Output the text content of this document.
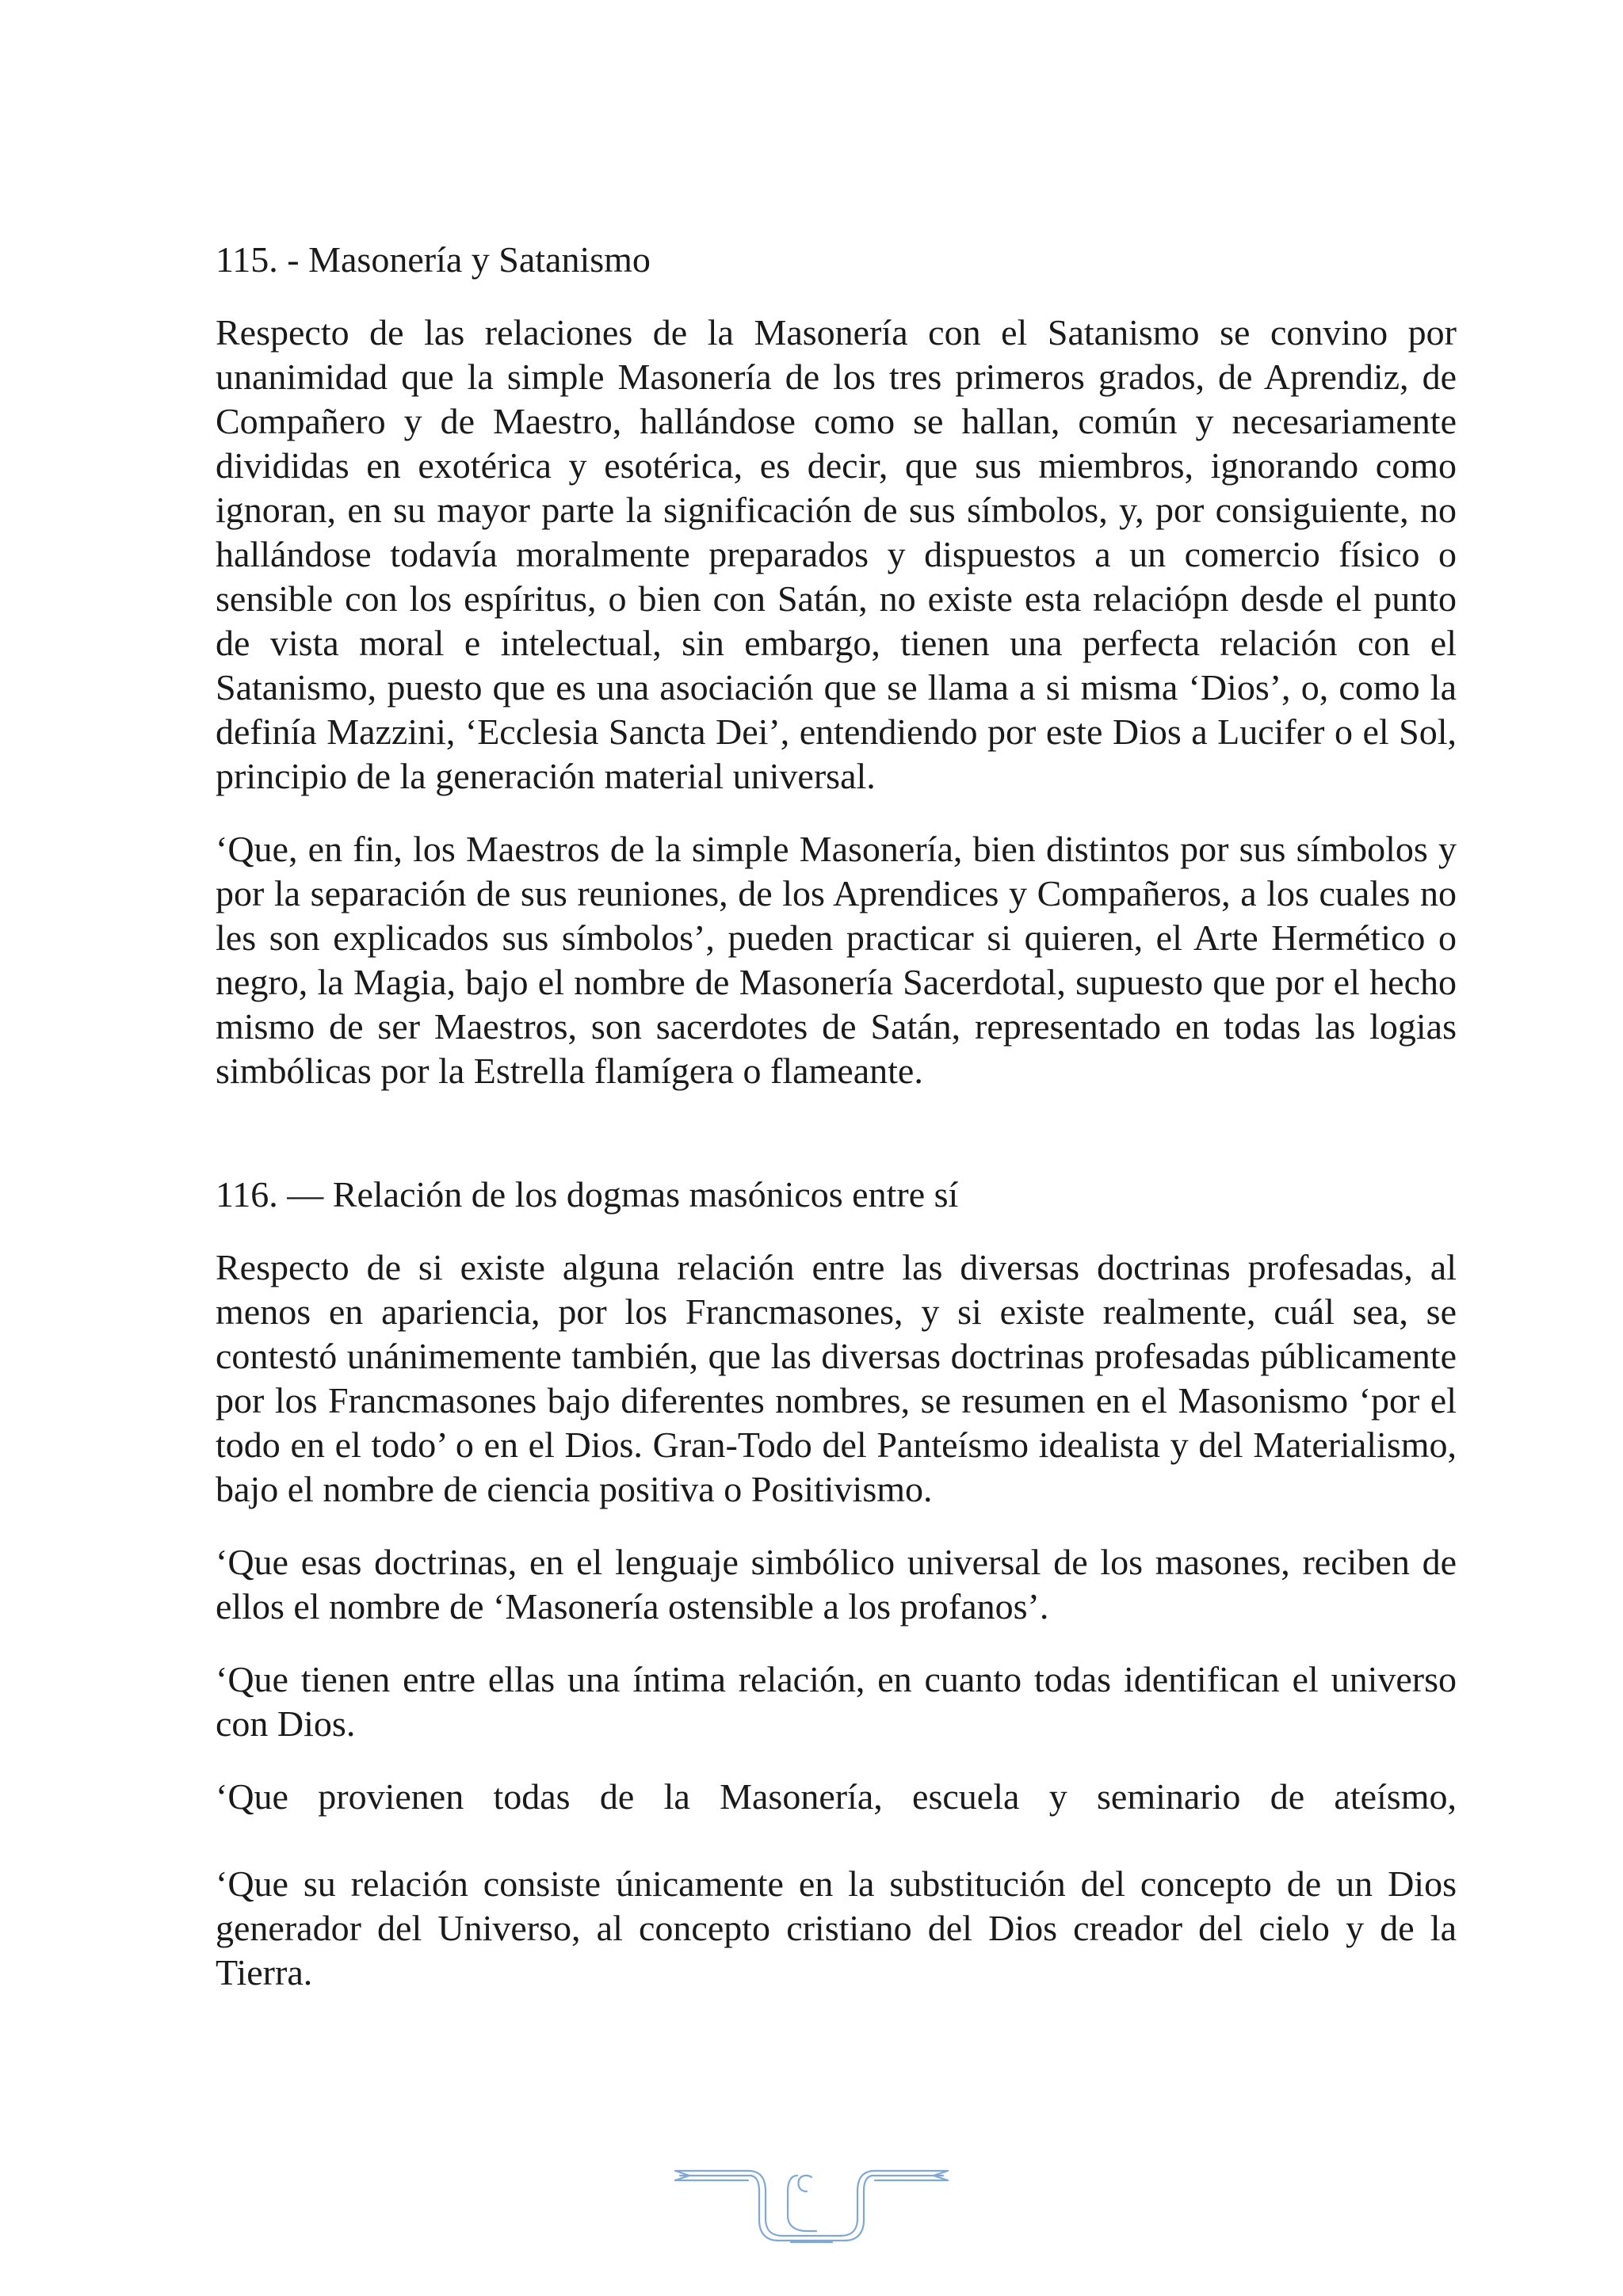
115. - Masonería y Satanismo

Respecto de las relaciones de la Masonería con el Satanismo se convino por unanimidad que la simple Masonería de los tres primeros grados, de Aprendiz, de Compañero y de Maestro, hallándose como se hallan, común y necesariamente divididas en exotérica y esotérica, es decir, que sus miembros, ignorando como ignoran, en su mayor parte la significación de sus símbolos, y, por consiguiente, no hallándose todavía moralmente preparados y dispuestos a un comercio físico o sensible con los espíritus, o bien con Satán, no existe esta relaciópn desde el punto de vista moral e intelectual, sin embargo, tienen una perfecta relación con el Satanismo, puesto que es una asociación que se llama a si misma ‘Dios’, o, como la definía Mazzini, ‘Ecclesia Sancta Dei’, entendiendo por este Dios a Lucifer o el Sol, principio de la generación material universal.

‘Que, en fin, los Maestros de la simple Masonería, bien distintos por sus símbolos y por la separación de sus reuniones, de los Aprendices y Compañeros, a los cuales no les son explicados sus símbolos’, pueden practicar si quieren, el Arte Hermético o negro, la Magia, bajo el nombre de Masonería Sacerdotal, supuesto que por el hecho mismo de ser Maestros, son sacerdotes de Satán, representado en todas las logias simbólicas por la Estrella flamígera o flameante.

116. — Relación de los dogmas masónicos entre sí

Respecto de si existe alguna relación entre las diversas doctrinas profesadas, al menos en apariencia, por los Francmasones, y si existe realmente, cuál sea, se contestó unánimemente también, que las diversas doctrinas profesadas públicamente por los Francmasones bajo diferentes nombres, se resumen en el Masonismo ‘por el todo en el todo’ o en el Dios. Gran-Todo del Panteísmo idealista y del Materialismo, bajo el nombre de ciencia positiva o Positivismo.

‘Que esas doctrinas, en el lenguaje simbólico universal de los masones, reciben de ellos el nombre de ‘Masonería ostensible a los profanos’.

‘Que tienen entre ellas una íntima relación, en cuanto todas identifican el universo con Dios.

‘Que provienen todas de la Masonería, escuela y seminario de ateísmo,

‘Que su relación consiste únicamente en la substitución del concepto de un Dios generador del Universo, al concepto cristiano del Dios creador del cielo y de la Tierra.
